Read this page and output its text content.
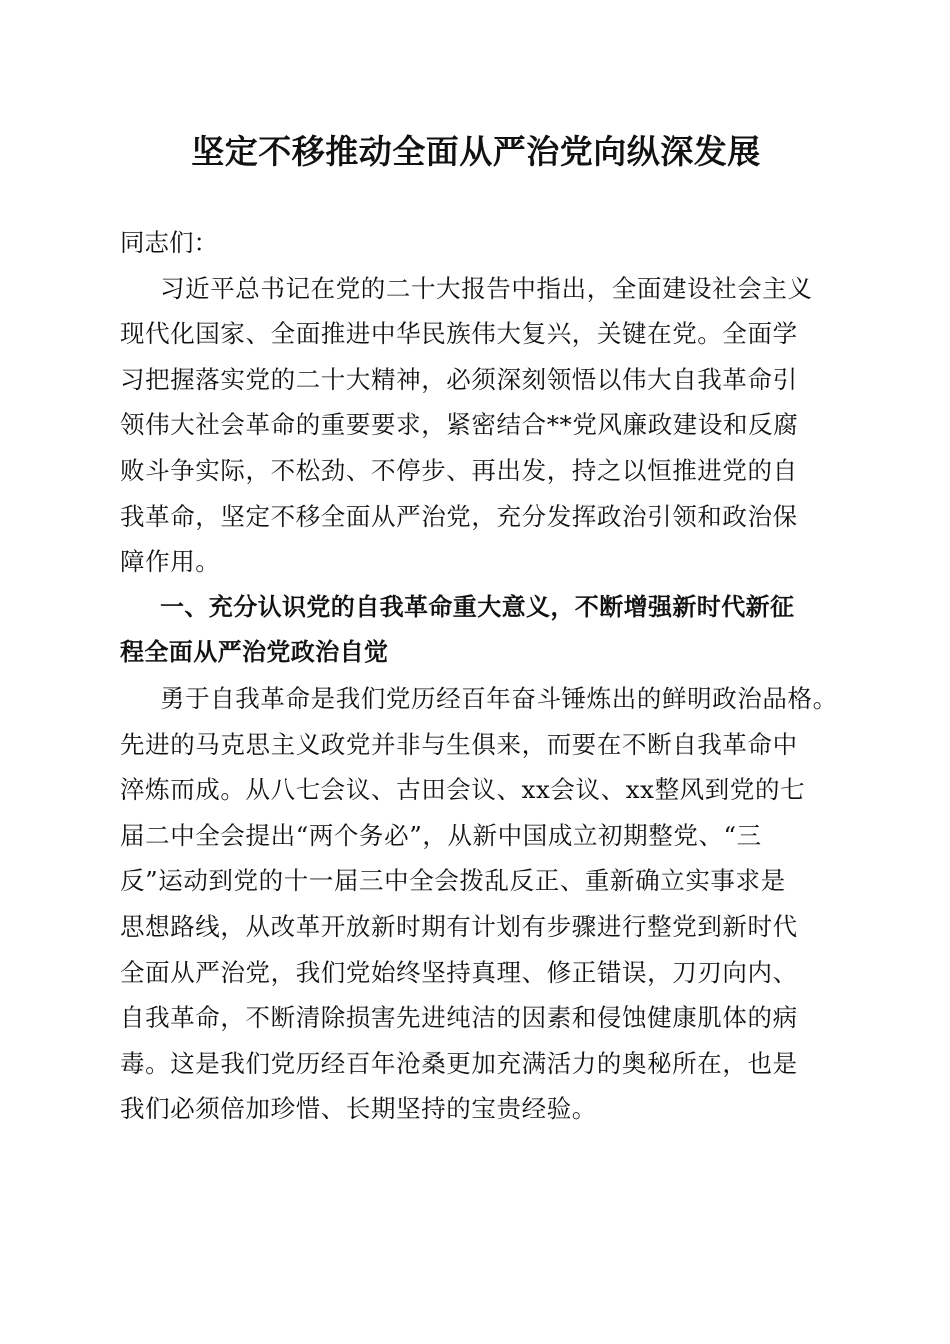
坚定不移推动全面从严治党向纵深发展

同志们：

习近平总书记在党的二十大报告中指出，全面建设社会主义
现代化国家、全面推进中华民族伟大复兴，关键在党。全面学
习把握落实党的二十大精神，必须深刻领悟以伟大自我革命引
领伟大社会革命的重要要求，紧密结合**党风廉政建设和反腐
败斗争实际，不松劲、不停步、再出发，持之以恒推进党的自
我革命，坚定不移全面从严治党，充分发挥政治引领和政治保
障作用。
一、充分认识党的自我革命重大意义，不断增强新时代新征
程全面从严治党政治自觉
勇于自我革命是我们党历经百年奋斗锤炼出的鲜明政治品格。
先进的马克思主义政党并非与生俱来，而要在不断自我革命中
淬炼而成。从八七会议、古田会议、xx会议、xx整风到党的七
届二中全会提出“两个务必”，从新中国成立初期整党、“三
反”运动到党的十一届三中全会拨乱反正、重新确立实事求是
思想路线，从改革开放新时期有计划有步骤进行整党到新时代
全面从严治党，我们党始终坚持真理、修正错误，刀刃向内、
自我革命，不断清除损害先进纯洁的因素和侵蚀健康肌体的病
毒。这是我们党历经百年沧桑更加充满活力的奥秘所在，也是
我们必须倍加珍惜、长期坚持的宝贵经验。
